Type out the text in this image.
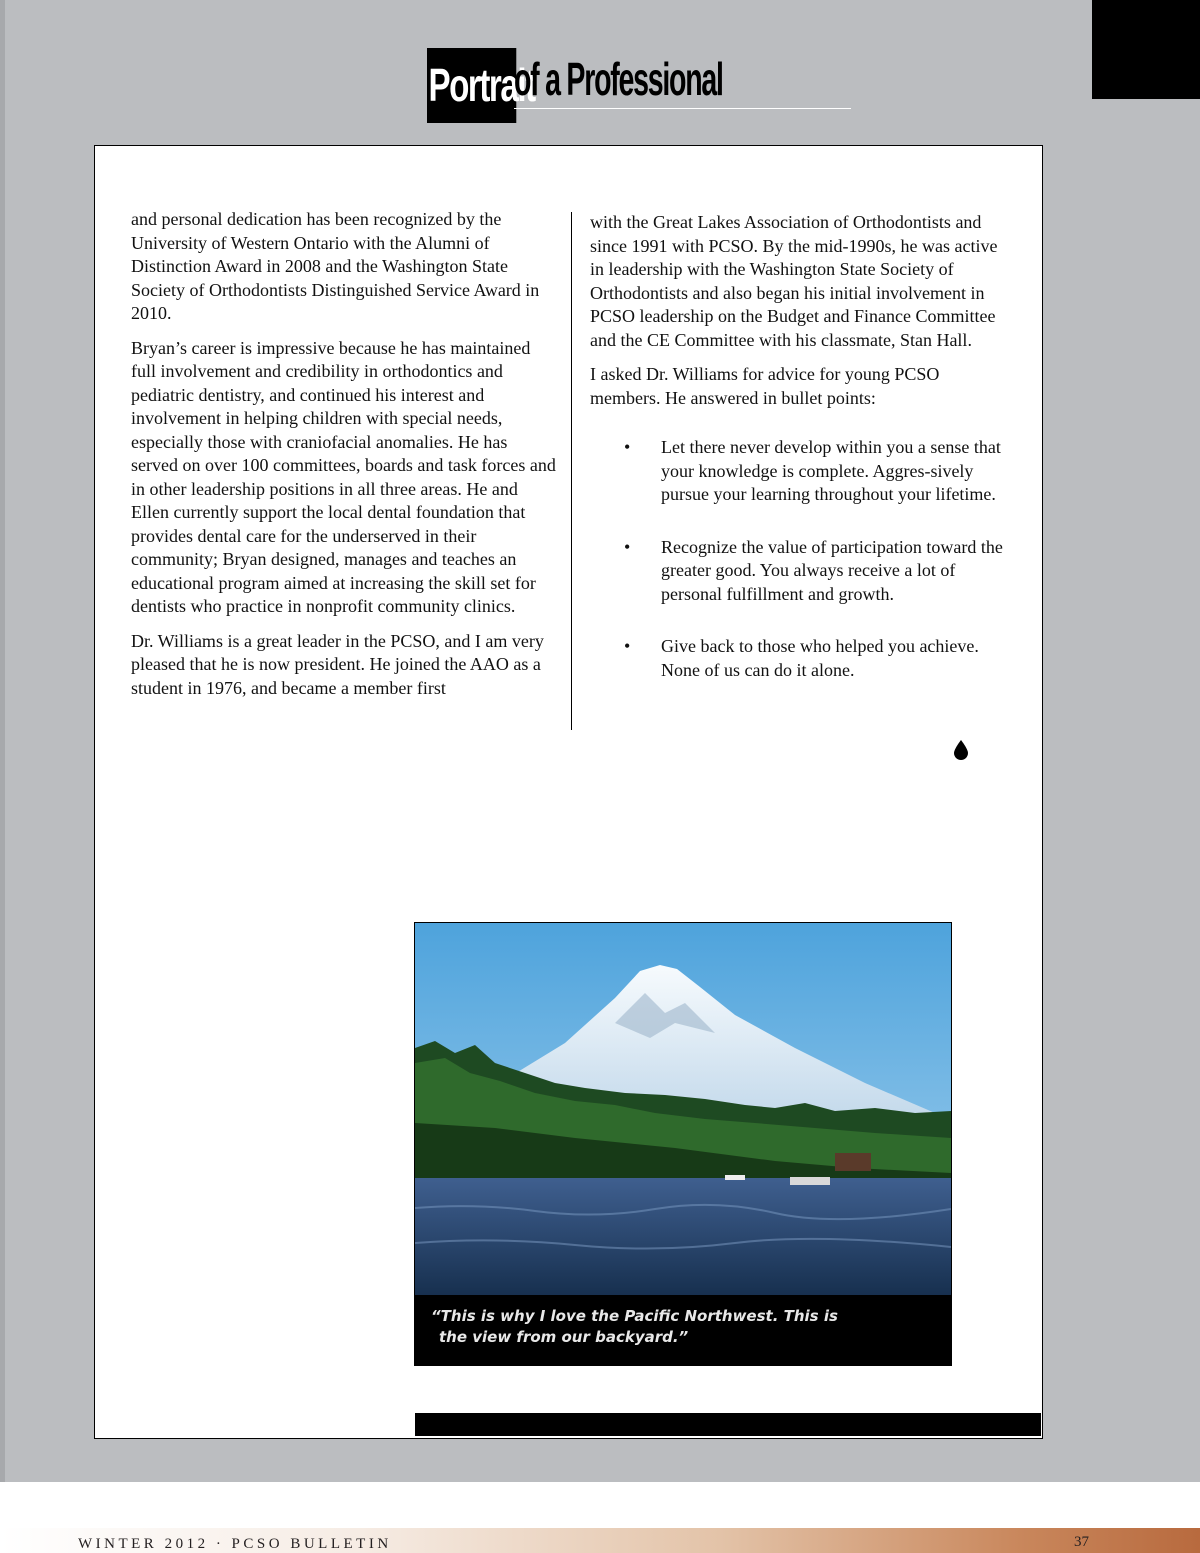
Portrait
of a Professional

and personal dedication has been recognized by the University of Western Ontario with the Alumni of Distinction Award in 2008 and the Washington State Society of Orthodontists Distinguished Service Award in 2010.

Bryan’s career is impressive because he has maintained full involvement and credibility in orthodontics and pediatric dentistry, and continued his interest and involvement in helping children with special needs, especially those with craniofacial anomalies. He has served on over 100 committees, boards and task forces and in other leadership positions in all three areas. He and Ellen currently support the local dental foundation that provides dental care for the underserved in their community; Bryan designed, manages and teaches an educational program aimed at increasing the skill set for dentists who practice in nonprofit community clinics.

Dr. Williams is a great leader in the PCSO, and I am very pleased that he is now president. He joined the AAO as a student in 1976, and became a member first

with the Great Lakes Association of Orthodontists and since 1991 with PCSO. By the mid-1990s, he was active in leadership with the Washington State Society of Orthodontists and also began his initial involvement in PCSO leadership on the Budget and Finance Committee and the CE Committee with his classmate, Stan Hall.

I asked Dr. Williams for advice for young PCSO members. He answered in bullet points:

• Let there never develop within you a sense that your knowledge is complete. Aggres-sively pursue your learning throughout your lifetime.
• Recognize the value of participation toward the greater good. You always receive a lot of personal fulfillment and growth.
• Give back to those who helped you achieve. None of us can do it alone.
“This is why I love the Pacific Northwest. This is
the view from our backyard.”
WINTER 2012 · PCSO BULLETIN	37
